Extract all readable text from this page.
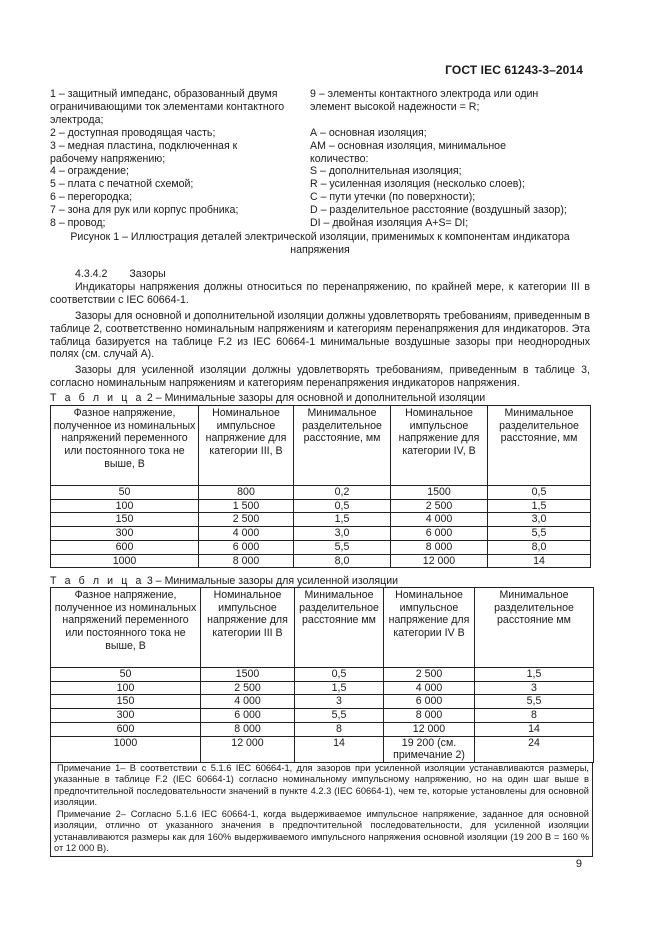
ГОСТ IEC 61243-3–2014
1 – защитный импеданс, образованный двумя
ограничивающими ток элементами контактного
электрода;
2 – доступная проводящая часть;
3 – медная пластина, подключенная к
рабочему напряжению;
4 – ограждение;
5 – плата с печатной схемой;
6 – перегородка;
7 – зона для рук или корпус пробника;
8 – провод;
9 – элементы контактного электрода или один
элемент высокой надежности = R;
А – основная изоляция;
АМ – основная изоляция, минимальное
количество:
S – дополнительная изоляция;
R – усиленная изоляция (несколько слоев);
C – пути утечки (по поверхности);
D – разделительное расстояние (воздушный зазор);
DI – двойная изоляция A+S= DI;
Рисунок 1 – Иллюстрация деталей электрической изоляции, применимых к компонентам индикатора напряжения
4.3.4.2 Зазоры

Индикаторы напряжения должны относиться по перенапряжению, по крайней мере, к категории III в соответствии с IEC 60664-1.

Зазоры для основной и дополнительной изоляции должны удовлетворять требованиям, приведенным в таблице 2, соответственно номинальным напряжениям и категориям перенапряжения для индикаторов. Эта таблица базируется на таблице F.2 из IEC 60664-1 минимальные воздушные зазоры при неоднородных полях (см. случай А).

Зазоры для усиленной изоляции должны удовлетворять требованиям, приведенным в таблице 3, согласно номинальным напряжениям и категориям перенапряжения индикаторов напряжения.

Т а б л и ц а 2 – Минимальные зазоры для основной и дополнительной изоляции
Фазное напряжение, полученное из номинальных напряжений переменного или постоянного тока не выше, В	Номинальное импульсное напряжение для категории III, В	Минимальное разделительное расстояние, мм	Номинальное импульсное напряжение для категории IV, В	Минимальное разделительное расстояние, мм
50	800	0,2	1500	0,5
100	1 500	0,5	2 500	1,5
150	2 500	1,5	4 000	3,0
300	4 000	3,0	6 000	5,5
600	6 000	5,5	8 000	8,0
1000	8 000	8,0	12 000	14
Т а б л и ц а 3 – Минимальные зазоры для усиленной изоляции
Фазное напряжение, полученное из номинальных напряжений переменного или постоянного тока не выше, В	Номинальное импульсное напряжение для категории III В	Минимальное разделительное расстояние мм	Номинальное импульсное напряжение для категории IV В	Минимальное разделительное расстояние мм
50	1500	0,5	2 500	1,5
100	2 500	1,5	4 000	3
150	4 000	3	6 000	5,5
300	6 000	5,5	8 000	8
600	8 000	8	12 000	14
1000	12 000	14	19 200 (см. примечание 2)	24

Примечание 1– В соответствии с 5.1.6 IEC 60664-1, для зазоров при усиленной изоляции устанавливаются размеры, указанные в таблице F.2 (IEC 60664-1) согласно номинальному импульсному напряжению, но на один шаг выше в предпочтительной последовательности значений в пункте 4.2.3 (IEC 60664-1), чем те, которые установлены для основной изоляции.

Примечание 2– Согласно 5.1.6 IEC 60664-1, когда выдерживаемое импульсное напряжение, заданное для основной изоляции, отлично от указанного значения в предпочтительной последовательности, для усиленной изоляции устанавливаются размеры как для 160% выдерживаемого импульсного напряжения основной изоляции (19 200 В = 160 % от 12 000 В).

9
